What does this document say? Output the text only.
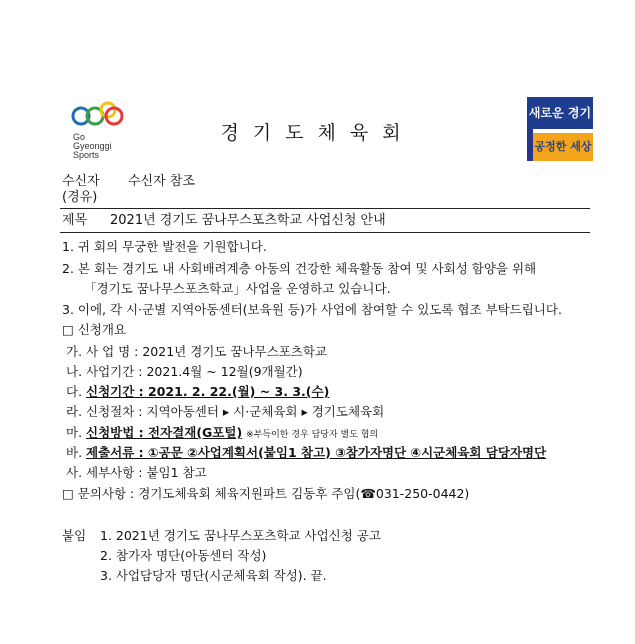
Go
Gyeonggi
Sports
경기도체육회
새로운 경기
공정한 세상
수신자 수신자 참조
(경유)
제목 2021년 경기도 꿈나무스포츠학교 사업신청 안내
1. 귀 회의 무궁한 발전을 기원합니다.
2. 본 회는 경기도 내 사회배려계층 아동의 건강한 체육활동 참여 및 사회성 함양을 위해
「경기도 꿈나무스포츠학교」사업을 운영하고 있습니다.
3. 이에, 각 시·군별 지역아동센터(보육원 등)가 사업에 참여할 수 있도록 협조 부탁드립니다.
□ 신청개요
가. 사 업 명 : 2021년 경기도 꿈나무스포츠학교
나. 사업기간 : 2021.4월 ~ 12월(9개월간)
다. 신청기간 : 2021. 2. 22.(월) ~ 3. 3.(수)
라. 신청절차 : 지역아동센터 ▸ 시·군체육회 ▸ 경기도체육회
마. 신청방법 : 전자결재(G포털) ※부득이한 경우 담당자 별도 협의
바. 제출서류 : ①공문 ②사업계획서(붙임1 참고) ③참가자명단 ④시군체육회 담당자명단
사. 세부사항 : 붙임1 참고
□ 문의사항 : 경기도체육회 체육지원파트 김동후 주임(☎031-250-0442)
붙임 1. 2021년 경기도 꿈나무스포츠학교 사업신청 공고
2. 참가자 명단(아동센터 작성)
3. 사업담당자 명단(시군체육회 작성). 끝.
